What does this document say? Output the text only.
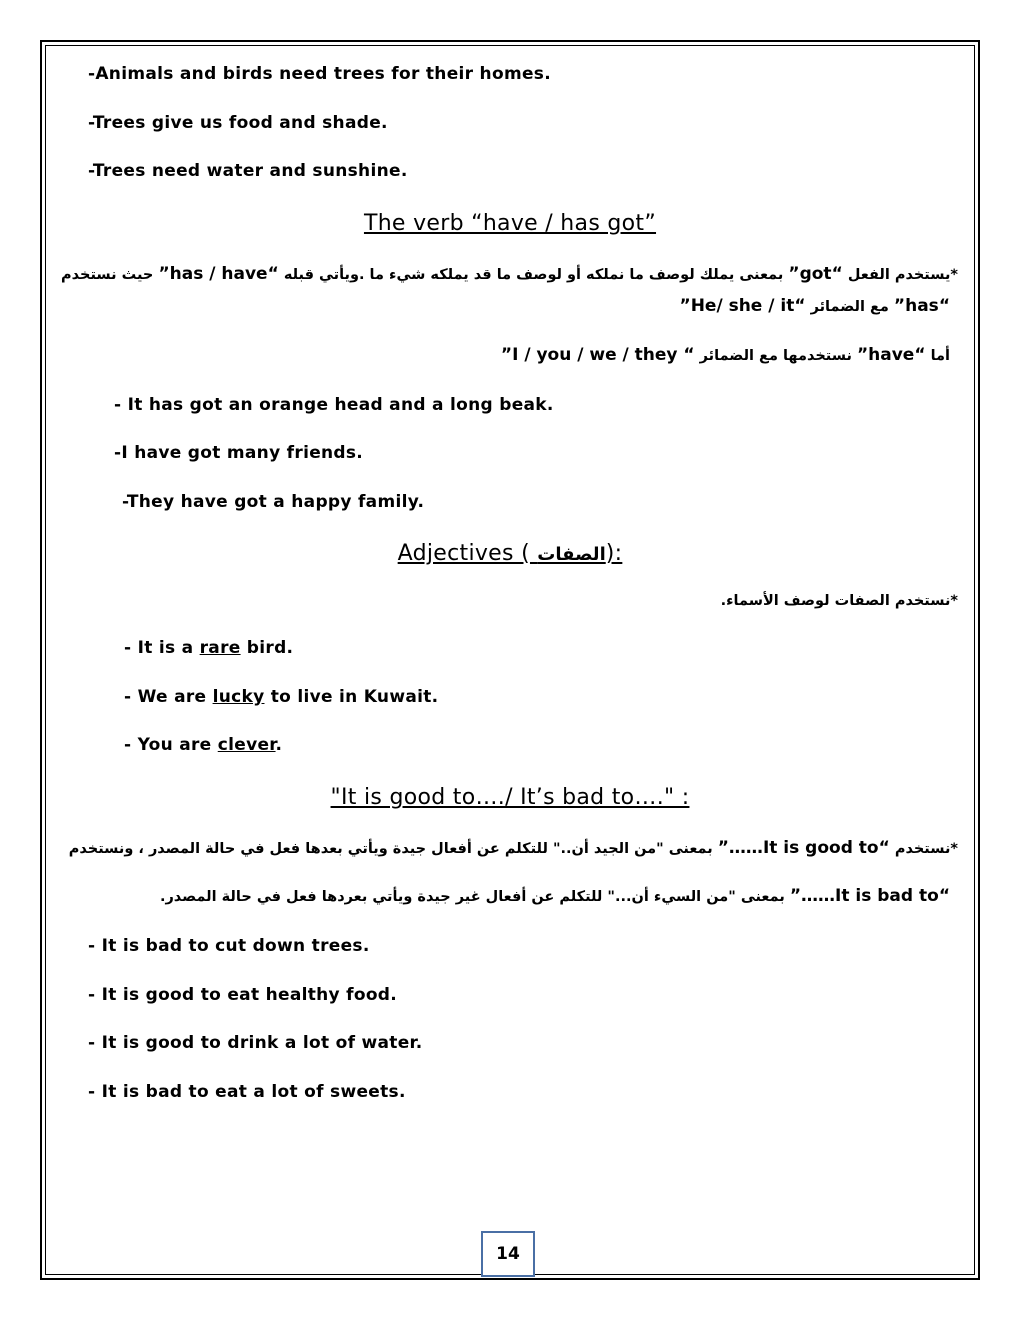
-Animals and birds need trees for their homes.
-Trees give us food and shade.
-Trees need water and sunshine.
The verb “have / has got”
*يستخدم الفعل “got” بمعنى يملك لوصف ما نملكه أو لوصف ما قد يملكه شيء ما .ويأتي قبله “has / have” حيث نستخدم
“has” مع الضمائر “He/ she / it”
أما “have” نستخدمها مع الضمائر “ I / you / we / they”
- It has got an orange head and a long beak.
-I have got many friends.
-They have got a happy family.
Adjectives ( الصفات):
*نستخدم الصفات لوصف الأسماء.
- It is a rare bird.
- We are lucky to live in Kuwait.
- You are clever.
"It is good to…./ It’s bad to…." :
*نستخدم “It is good to……” بمعنى "من الجيد أن.." للتكلم عن أفعال جيدة ويأتي بعدها فعل في حالة المصدر ، ونستخدم
“It is bad to……” بمعنى "من السيء أن..." للتكلم عن أفعال غير جيدة ويأتي بعردها فعل في حالة المصدر.
- It is bad to cut down trees.
- It is good to eat healthy food.
- It is good to drink a lot of water.
- It is bad to eat a lot of sweets.
14
